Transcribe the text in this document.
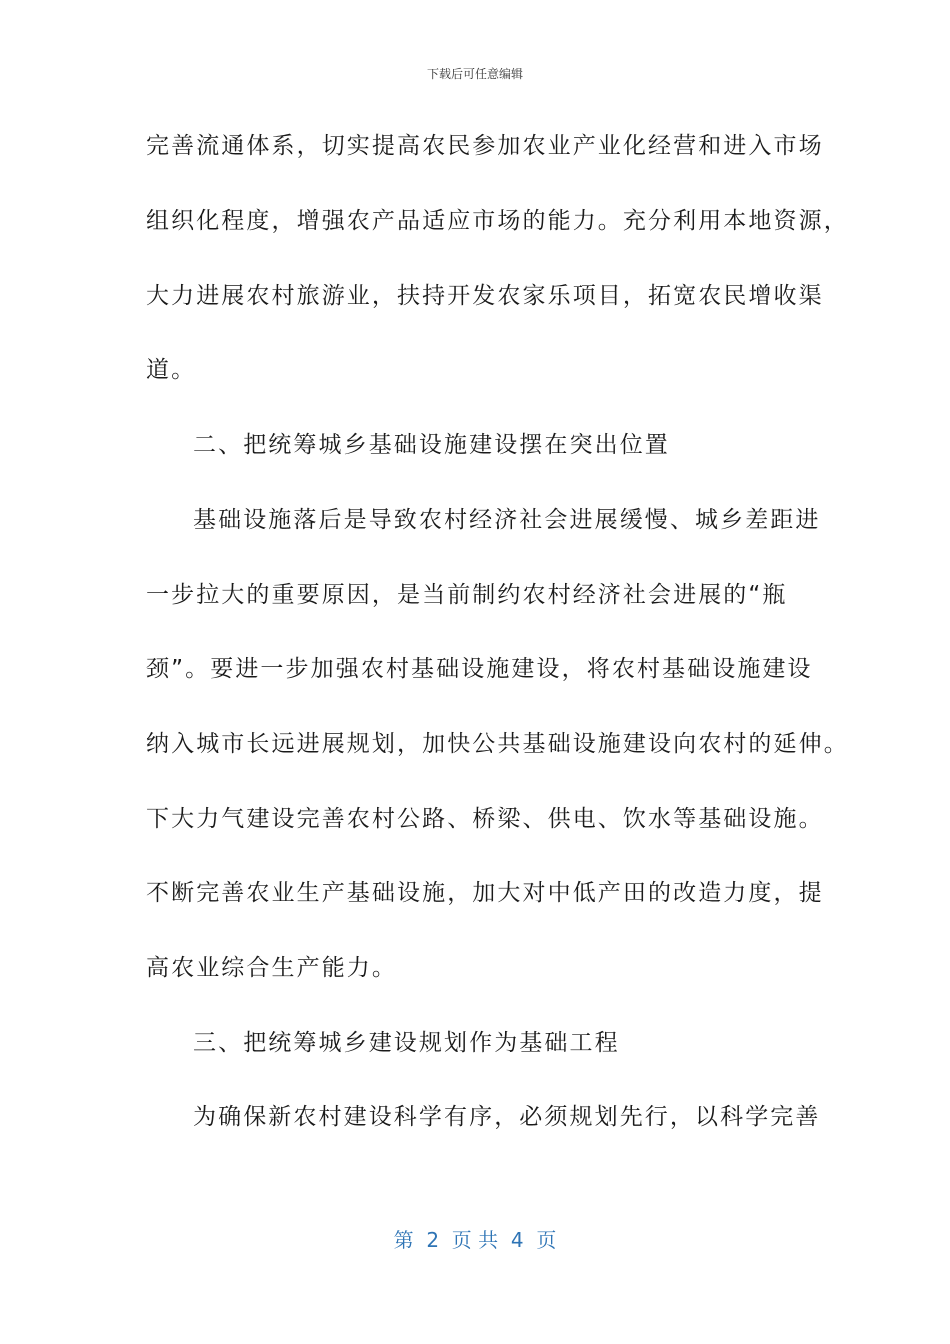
下载后可任意编辑
完善流通体系，切实提高农民参加农业产业化经营和进入市场
组织化程度，增强农产品适应市场的能力。充分利用本地资源，
大力进展农村旅游业，扶持开发农家乐项目，拓宽农民增收渠
道。
二、把统筹城乡基础设施建设摆在突出位置
基础设施落后是导致农村经济社会进展缓慢、城乡差距进
一步拉大的重要原因，是当前制约农村经济社会进展的“瓶
颈”。要进一步加强农村基础设施建设，将农村基础设施建设
纳入城市长远进展规划，加快公共基础设施建设向农村的延伸。
下大力气建设完善农村公路、桥梁、供电、饮水等基础设施。
不断完善农业生产基础设施，加大对中低产田的改造力度，提
高农业综合生产能力。
三、把统筹城乡建设规划作为基础工程
为确保新农村建设科学有序，必须规划先行，以科学完善
第  2  页 共  4  页
